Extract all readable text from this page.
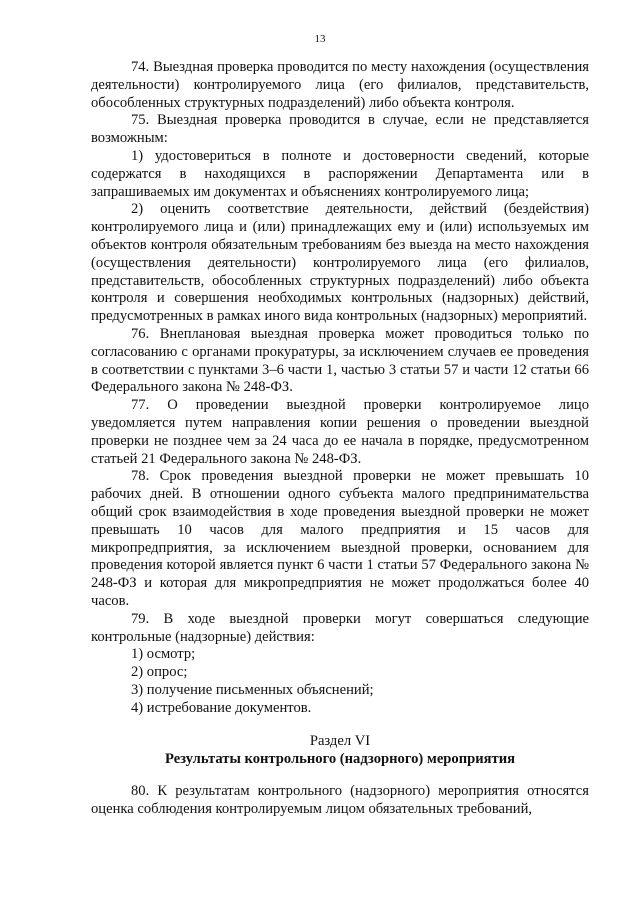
13

74. Выездная проверка проводится по месту нахождения (осуществления деятельности) контролируемого лица (его филиалов, представительств, обособленных структурных подразделений) либо объекта контроля.

75. Выездная проверка проводится в случае, если не представляется возможным:

1) удостовериться в полноте и достоверности сведений, которые содержатся в находящихся в распоряжении Департамента или в запрашиваемых им документах и объяснениях контролируемого лица;

2) оценить соответствие деятельности, действий (бездействия) контролируемого лица и (или) принадлежащих ему и (или) используемых им объектов контроля обязательным требованиям без выезда на место нахождения (осуществления деятельности) контролируемого лица (его филиалов, представительств, обособленных структурных подразделений) либо объекта контроля и совершения необходимых контрольных (надзорных) действий, предусмотренных в рамках иного вида контрольных (надзорных) мероприятий.

76. Внеплановая выездная проверка может проводиться только по согласованию с органами прокуратуры, за исключением случаев ее проведения в соответствии с пунктами 3–6 части 1, частью 3 статьи 57 и части 12 статьи 66 Федерального закона № 248-ФЗ.

77. О проведении выездной проверки контролируемое лицо уведомляется путем направления копии решения о проведении выездной проверки не позднее чем за 24 часа до ее начала в порядке, предусмотренном статьей 21 Федерального закона № 248-ФЗ.

78. Срок проведения выездной проверки не может превышать 10 рабочих дней. В отношении одного субъекта малого предпринимательства общий срок взаимодействия в ходе проведения выездной проверки не может превышать 10 часов для малого предприятия и 15 часов для микропредприятия, за исключением выездной проверки, основанием для проведения которой является пункт 6 части 1 статьи 57 Федерального закона № 248-ФЗ и которая для микропредприятия не может продолжаться более 40 часов.

79. В ходе выездной проверки могут совершаться следующие контрольные (надзорные) действия:

1) осмотр;

2) опрос;

3) получение письменных объяснений;

4) истребование документов.

Раздел VI
Результаты контрольного (надзорного) мероприятия

80. К результатам контрольного (надзорного) мероприятия относятся оценка соблюдения контролируемым лицом обязательных требований,
